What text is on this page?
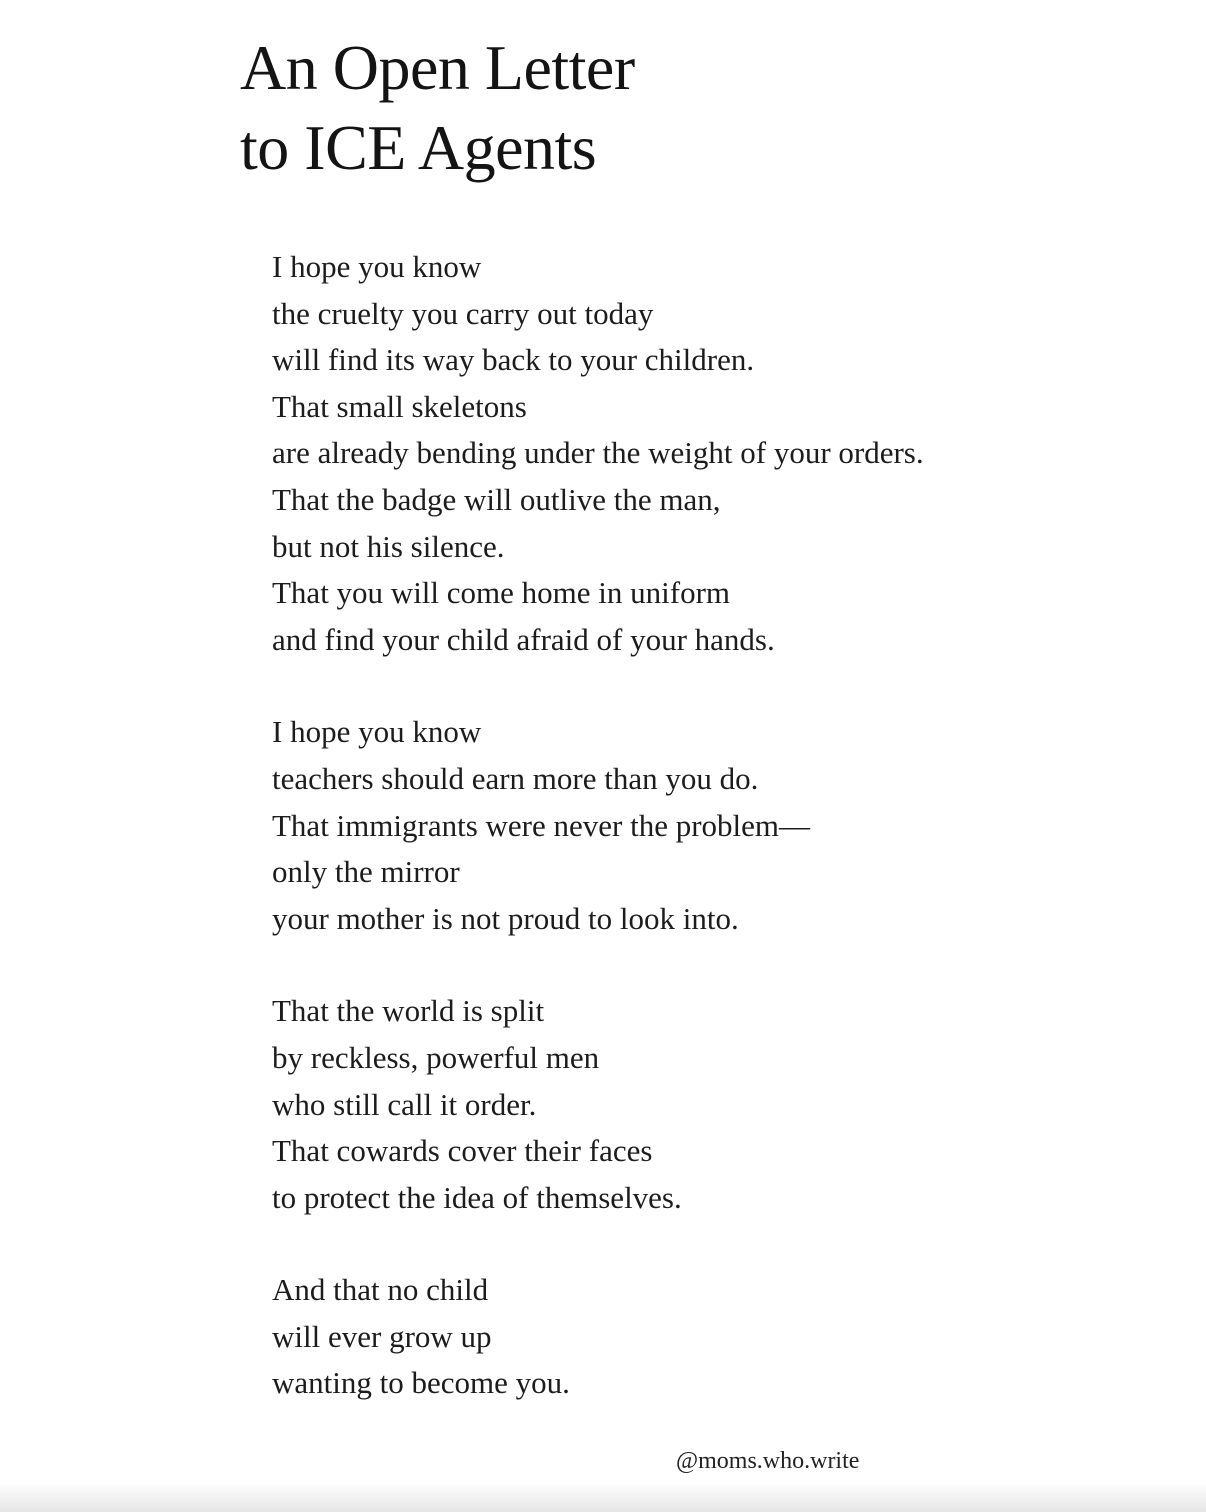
An Open Letter
to ICE Agents
I hope you know
the cruelty you carry out today
will find its way back to your children.
That small skeletons
are already bending under the weight of your orders.
That the badge will outlive the man,
but not his silence.
That you will come home in uniform
and find your child afraid of your hands.
I hope you know
teachers should earn more than you do.
That immigrants were never the problem—
only the mirror
your mother is not proud to look into.
That the world is split
by reckless, powerful men
who still call it order.
That cowards cover their faces
to protect the idea of themselves.
And that no child
will ever grow up
wanting to become you.
@moms.who.write
